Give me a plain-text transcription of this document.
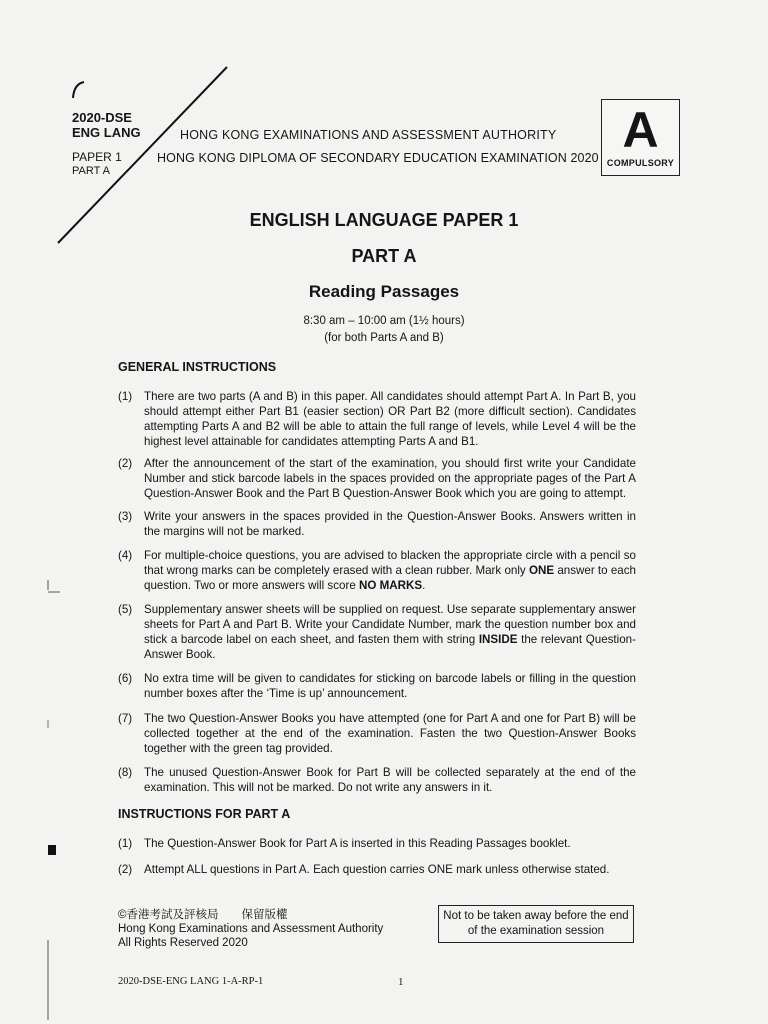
2020-DSE
ENG LANG
PAPER 1
PART A
HONG KONG EXAMINATIONS AND ASSESSMENT AUTHORITY
HONG KONG DIPLOMA OF SECONDARY EDUCATION EXAMINATION 2020 A
COMPULSORY
ENGLISH LANGUAGE PAPER 1
PART A
Reading Passages
8:30 am – 10:00 am (1½ hours)
(for both Parts A and B)
GENERAL INSTRUCTIONS
(1) There are two parts (A and B) in this paper. All candidates should attempt Part A. In Part B, you should attempt either Part B1 (easier section) OR Part B2 (more difficult section). Candidates attempting Parts A and B2 will be able to attain the full range of levels, while Level 4 will be the highest level attainable for candidates attempting Parts A and B1.
(2) After the announcement of the start of the examination, you should first write your Candidate Number and stick barcode labels in the spaces provided on the appropriate pages of the Part A Question-Answer Book and the Part B Question-Answer Book which you are going to attempt.
(3) Write your answers in the spaces provided in the Question-Answer Books. Answers written in the margins will not be marked.
(4) For multiple-choice questions, you are advised to blacken the appropriate circle with a pencil so that wrong marks can be completely erased with a clean rubber. Mark only ONE answer to each question. Two or more answers will score NO MARKS.
(5) Supplementary answer sheets will be supplied on request. Use separate supplementary answer sheets for Part A and Part B. Write your Candidate Number, mark the question number box and stick a barcode label on each sheet, and fasten them with string INSIDE the relevant Question-Answer Book.
(6) No extra time will be given to candidates for sticking on barcode labels or filling in the question number boxes after the ‘Time is up’ announcement.
(7) The two Question-Answer Books you have attempted (one for Part A and one for Part B) will be collected together at the end of the examination. Fasten the two Question-Answer Books together with the green tag provided.
(8) The unused Question-Answer Book for Part B will be collected separately at the end of the examination. This will not be marked. Do not write any answers in it.
INSTRUCTIONS FOR PART A
(1) The Question-Answer Book for Part A is inserted in this Reading Passages booklet.
(2) Attempt ALL questions in Part A. Each question carries ONE mark unless otherwise stated.
©香港考試及評核局　　保留版權
Hong Kong Examinations and Assessment Authority
All Rights Reserved 2020
Not to be taken away before the end of the examination session
2020-DSE-ENG LANG 1-A-RP-1	1
